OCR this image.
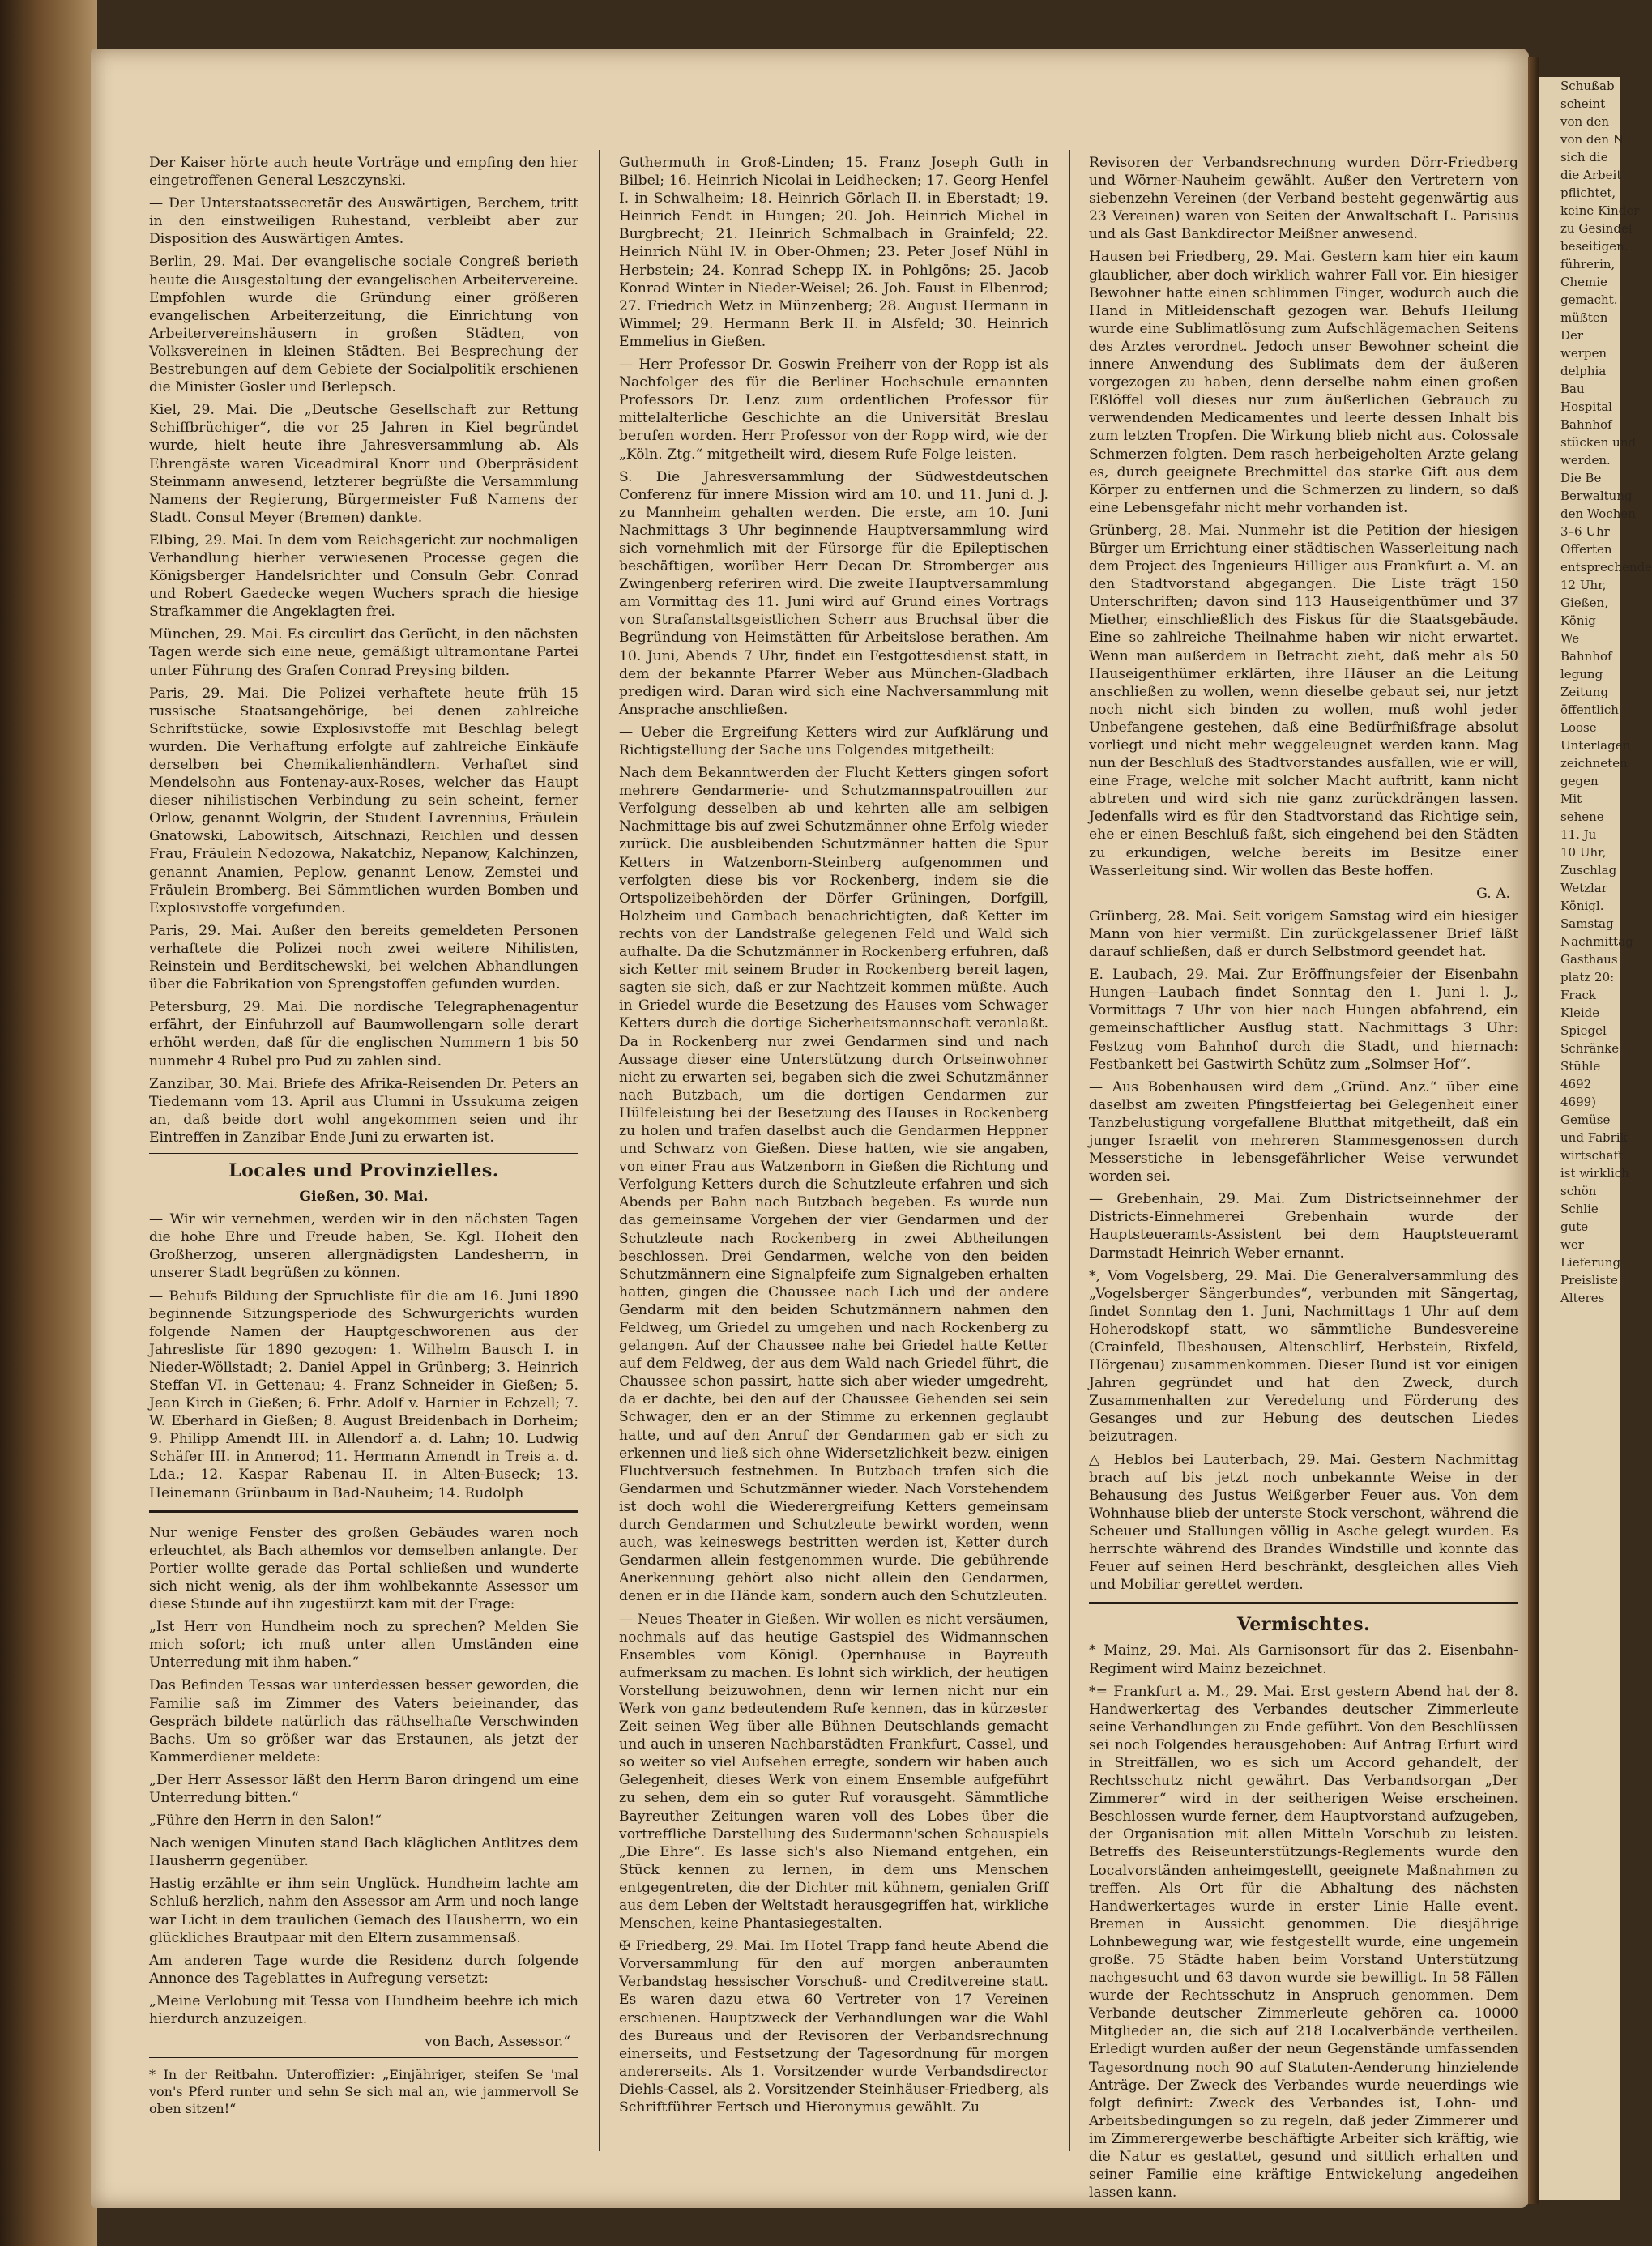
Der Kaiser hörte auch heute Vorträge und empfing den hier eingetroffenen General Leszczynski.

— Der Unterstaatssecretär des Auswärtigen, Berchem, tritt in den einstweiligen Ruhestand, verbleibt aber zur Disposition des Auswärtigen Amtes.

Berlin, 29. Mai. Der evangelische sociale Congreß berieth heute die Ausgestaltung der evangelischen Arbeitervereine. Empfohlen wurde die Gründung einer größeren evangelischen Arbeiterzeitung, die Einrichtung von Arbeitervereinshäusern in großen Städten, von Volksvereinen in kleinen Städten. Bei Besprechung der Bestrebungen auf dem Gebiete der Socialpolitik erschienen die Minister Gosler und Berlepsch.

Kiel, 29. Mai. Die „Deutsche Gesellschaft zur Rettung Schiffbrüchiger“, die vor 25 Jahren in Kiel begründet wurde, hielt heute ihre Jahresversammlung ab. Als Ehrengäste waren Viceadmiral Knorr und Oberpräsident Steinmann anwesend, letzterer begrüßte die Versammlung Namens der Regierung, Bürgermeister Fuß Namens der Stadt. Consul Meyer (Bremen) dankte.

Elbing, 29. Mai. In dem vom Reichsgericht zur nochmaligen Verhandlung hierher verwiesenen Processe gegen die Königsberger Handelsrichter und Consuln Gebr. Conrad und Robert Gaedecke wegen Wuchers sprach die hiesige Strafkammer die Angeklagten frei.

München, 29. Mai. Es circulirt das Gerücht, in den nächsten Tagen werde sich eine neue, gemäßigt ultramontane Partei unter Führung des Grafen Conrad Preysing bilden.

Paris, 29. Mai. Die Polizei verhaftete heute früh 15 russische Staatsangehörige, bei denen zahlreiche Schriftstücke, sowie Explosivstoffe mit Beschlag belegt wurden. Die Verhaftung erfolgte auf zahlreiche Einkäufe derselben bei Chemikalienhändlern. Verhaftet sind Mendelsohn aus Fontenay-aux-Roses, welcher das Haupt dieser nihilistischen Verbindung zu sein scheint, ferner Orlow, genannt Wolgrin, der Student Lavrennius, Fräulein Gnatowski, Labowitsch, Aitschnazi, Reichlen und dessen Frau, Fräulein Nedozowa, Nakatchiz, Nepanow, Kalchinzen, genannt Anamien, Peplow, genannt Lenow, Zemstei und Fräulein Bromberg. Bei Sämmtlichen wurden Bomben und Explosivstoffe vorgefunden.

Paris, 29. Mai. Außer den bereits gemeldeten Personen verhaftete die Polizei noch zwei weitere Nihilisten, Reinstein und Berditschewski, bei welchen Abhandlungen über die Fabrikation von Sprengstoffen gefunden wurden.

Petersburg, 29. Mai. Die nordische Telegraphenagentur erfährt, der Einfuhrzoll auf Baumwollengarn solle derart erhöht werden, daß für die englischen Nummern 1 bis 50 nunmehr 4 Rubel pro Pud zu zahlen sind.

Zanzibar, 30. Mai. Briefe des Afrika-Reisenden Dr. Peters an Tiedemann vom 13. April aus Ulumni in Ussukuma zeigen an, daß beide dort wohl angekommen seien und ihr Eintreffen in Zanzibar Ende Juni zu erwarten ist.

Locales und Provinzielles.
Gießen, 30. Mai.

— Wir wir vernehmen, werden wir in den nächsten Tagen die hohe Ehre und Freude haben, Se. Kgl. Hoheit den Großherzog, unseren allergnädigsten Landesherrn, in unserer Stadt begrüßen zu können.

— Behufs Bildung der Spruchliste für die am 16. Juni 1890 beginnende Sitzungsperiode des Schwurgerichts wurden folgende Namen der Hauptgeschworenen aus der Jahresliste für 1890 gezogen: 1. Wilhelm Bausch I. in Nieder-Wöllstadt; 2. Daniel Appel in Grünberg; 3. Heinrich Steffan VI. in Gettenau; 4. Franz Schneider in Gießen; 5. Jean Kirch in Gießen; 6. Frhr. Adolf v. Harnier in Echzell; 7. W. Eberhard in Gießen; 8. August Breidenbach in Dorheim; 9. Philipp Amendt III. in Allendorf a. d. Lahn; 10. Ludwig Schäfer III. in Annerod; 11. Hermann Amendt in Treis a. d. Lda.; 12. Kaspar Rabenau II. in Alten-Buseck; 13. Heinemann Grünbaum in Bad-Nauheim; 14. Rudolph

Nur wenige Fenster des großen Gebäudes waren noch erleuchtet, als Bach athemlos vor demselben anlangte. Der Portier wollte gerade das Portal schließen und wunderte sich nicht wenig, als der ihm wohlbekannte Assessor um diese Stunde auf ihn zugestürzt kam mit der Frage:

„Ist Herr von Hundheim noch zu sprechen? Melden Sie mich sofort; ich muß unter allen Umständen eine Unterredung mit ihm haben.“

Das Befinden Tessas war unterdessen besser geworden, die Familie saß im Zimmer des Vaters beieinander, das Gespräch bildete natürlich das räthselhafte Verschwinden Bachs. Um so größer war das Erstaunen, als jetzt der Kammerdiener meldete:

„Der Herr Assessor läßt den Herrn Baron dringend um eine Unterredung bitten.“

„Führe den Herrn in den Salon!“

Nach wenigen Minuten stand Bach kläglichen Antlitzes dem Hausherrn gegenüber.

Hastig erzählte er ihm sein Unglück. Hundheim lachte am Schluß herzlich, nahm den Assessor am Arm und noch lange war Licht in dem traulichen Gemach des Hausherrn, wo ein glückliches Brautpaar mit den Eltern zusammensaß.

Am anderen Tage wurde die Residenz durch folgende Annonce des Tageblattes in Aufregung versetzt:

„Meine Verlobung mit Tessa von Hundheim beehre ich mich hierdurch anzuzeigen.

von Bach, Assessor.“

* In der Reitbahn. Unteroffizier: „Einjähriger, steifen Se 'mal von's Pferd runter und sehn Se sich mal an, wie jammervoll Se oben sitzen!“

Guthermuth in Groß-Linden; 15. Franz Joseph Guth in Bilbel; 16. Heinrich Nicolai in Leidhecken; 17. Georg Henfel I. in Schwalheim; 18. Heinrich Görlach II. in Eberstadt; 19. Heinrich Fendt in Hungen; 20. Joh. Heinrich Michel in Burgbrecht; 21. Heinrich Schmalbach in Grainfeld; 22. Heinrich Nühl IV. in Ober-Ohmen; 23. Peter Josef Nühl in Herbstein; 24. Konrad Schepp IX. in Pohlgöns; 25. Jacob Konrad Winter in Nieder-Weisel; 26. Joh. Faust in Elbenrod; 27. Friedrich Wetz in Münzenberg; 28. August Hermann in Wimmel; 29. Hermann Berk II. in Alsfeld; 30. Heinrich Emmelius in Gießen.

— Herr Professor Dr. Goswin Freiherr von der Ropp ist als Nachfolger des für die Berliner Hochschule ernannten Professors Dr. Lenz zum ordentlichen Professor für mittelalterliche Geschichte an die Universität Breslau berufen worden. Herr Professor von der Ropp wird, wie der „Köln. Ztg.“ mitgetheilt wird, diesem Rufe Folge leisten.

S. Die Jahresversammlung der Südwestdeutschen Conferenz für innere Mission wird am 10. und 11. Juni d. J. zu Mannheim gehalten werden. Die erste, am 10. Juni Nachmittags 3 Uhr beginnende Hauptversammlung wird sich vornehmlich mit der Fürsorge für die Epileptischen beschäftigen, worüber Herr Decan Dr. Stromberger aus Zwingenberg referiren wird. Die zweite Hauptversammlung am Vormittag des 11. Juni wird auf Grund eines Vortrags von Strafanstaltsgeistlichen Scherr aus Bruchsal über die Begründung von Heimstätten für Arbeitslose berathen. Am 10. Juni, Abends 7 Uhr, findet ein Festgottesdienst statt, in dem der bekannte Pfarrer Weber aus München-Gladbach predigen wird. Daran wird sich eine Nachversammlung mit Ansprache anschließen.

— Ueber die Ergreifung Ketters wird zur Aufklärung und Richtigstellung der Sache uns Folgendes mitgetheilt:

Nach dem Bekanntwerden der Flucht Ketters gingen sofort mehrere Gendarmerie- und Schutzmannspatrouillen zur Verfolgung desselben ab und kehrten alle am selbigen Nachmittage bis auf zwei Schutzmänner ohne Erfolg wieder zurück. Die ausbleibenden Schutzmänner hatten die Spur Ketters in Watzenborn-Steinberg aufgenommen und verfolgten diese bis vor Rockenberg, indem sie die Ortspolizeibehörden der Dörfer Grüningen, Dorfgill, Holzheim und Gambach benachrichtigten, daß Ketter im rechts von der Landstraße gelegenen Feld und Wald sich aufhalte. Da die Schutzmänner in Rockenberg erfuhren, daß sich Ketter mit seinem Bruder in Rockenberg bereit lagen, sagten sie sich, daß er zur Nachtzeit kommen müßte. Auch in Griedel wurde die Besetzung des Hauses vom Schwager Ketters durch die dortige Sicherheitsmannschaft veranlaßt. Da in Rockenberg nur zwei Gendarmen sind und nach Aussage dieser eine Unterstützung durch Ortseinwohner nicht zu erwarten sei, begaben sich die zwei Schutzmänner nach Butzbach, um die dortigen Gendarmen zur Hülfeleistung bei der Besetzung des Hauses in Rockenberg zu holen und trafen daselbst auch die Gendarmen Heppner und Schwarz von Gießen. Diese hatten, wie sie angaben, von einer Frau aus Watzenborn in Gießen die Richtung und Verfolgung Ketters durch die Schutzleute erfahren und sich Abends per Bahn nach Butzbach begeben. Es wurde nun das gemeinsame Vorgehen der vier Gendarmen und der Schutzleute nach Rockenberg in zwei Abtheilungen beschlossen. Drei Gendarmen, welche von den beiden Schutzmännern eine Signalpfeife zum Signalgeben erhalten hatten, gingen die Chaussee nach Lich und der andere Gendarm mit den beiden Schutzmännern nahmen den Feldweg, um Griedel zu umgehen und nach Rockenberg zu gelangen. Auf der Chaussee nahe bei Griedel hatte Ketter auf dem Feldweg, der aus dem Wald nach Griedel führt, die Chaussee schon passirt, hatte sich aber wieder umgedreht, da er dachte, bei den auf der Chaussee Gehenden sei sein Schwager, den er an der Stimme zu erkennen geglaubt hatte, und auf den Anruf der Gendarmen gab er sich zu erkennen und ließ sich ohne Widersetzlichkeit bezw. einigen Fluchtversuch festnehmen. In Butzbach trafen sich die Gendarmen und Schutzmänner wieder. Nach Vorstehendem ist doch wohl die Wiederergreifung Ketters gemeinsam durch Gendarmen und Schutzleute bewirkt worden, wenn auch, was keineswegs bestritten werden ist, Ketter durch Gendarmen allein festgenommen wurde. Die gebührende Anerkennung gehört also nicht allein den Gendarmen, denen er in die Hände kam, sondern auch den Schutzleuten.

— Neues Theater in Gießen. Wir wollen es nicht versäumen, nochmals auf das heutige Gastspiel des Widmannschen Ensembles vom Königl. Opernhause in Bayreuth aufmerksam zu machen. Es lohnt sich wirklich, der heutigen Vorstellung beizuwohnen, denn wir lernen nicht nur ein Werk von ganz bedeutendem Rufe kennen, das in kürzester Zeit seinen Weg über alle Bühnen Deutschlands gemacht und auch in unseren Nachbarstädten Frankfurt, Cassel, und so weiter so viel Aufsehen erregte, sondern wir haben auch Gelegenheit, dieses Werk von einem Ensemble aufgeführt zu sehen, dem ein so guter Ruf vorausgeht. Sämmtliche Bayreuther Zeitungen waren voll des Lobes über die vortreffliche Darstellung des Sudermann'schen Schauspiels „Die Ehre“. Es lasse sich's also Niemand entgehen, ein Stück kennen zu lernen, in dem uns Menschen entgegentreten, die der Dichter mit kühnem, genialen Griff aus dem Leben der Weltstadt herausgegriffen hat, wirkliche Menschen, keine Phantasiegestalten.

✠ Friedberg, 29. Mai. Im Hotel Trapp fand heute Abend die Vorversammlung für den auf morgen anberaumten Verbandstag hessischer Vorschuß- und Creditvereine statt. Es waren dazu etwa 60 Vertreter von 17 Vereinen erschienen. Hauptzweck der Verhandlungen war die Wahl des Bureaus und der Revisoren der Verbandsrechnung einerseits, und Festsetzung der Tagesordnung für morgen andererseits. Als 1. Vorsitzender wurde Verbandsdirector Diehls-Cassel, als 2. Vorsitzender Steinhäuser-Friedberg, als Schriftführer Fertsch und Hieronymus gewählt. Zu

Revisoren der Verbandsrechnung wurden Dörr-Friedberg und Wörner-Nauheim gewählt. Außer den Vertretern von siebenzehn Vereinen (der Verband besteht gegenwärtig aus 23 Vereinen) waren von Seiten der Anwaltschaft L. Parisius und als Gast Bankdirector Meißner anwesend.

Hausen bei Friedberg, 29. Mai. Gestern kam hier ein kaum glaublicher, aber doch wirklich wahrer Fall vor. Ein hiesiger Bewohner hatte einen schlimmen Finger, wodurch auch die Hand in Mitleidenschaft gezogen war. Behufs Heilung wurde eine Sublimatlösung zum Aufschlägemachen Seitens des Arztes verordnet. Jedoch unser Bewohner scheint die innere Anwendung des Sublimats dem der äußeren vorgezogen zu haben, denn derselbe nahm einen großen Eßlöffel voll dieses nur zum äußerlichen Gebrauch zu verwendenden Medicamentes und leerte dessen Inhalt bis zum letzten Tropfen. Die Wirkung blieb nicht aus. Colossale Schmerzen folgten. Dem rasch herbeigeholten Arzte gelang es, durch geeignete Brechmittel das starke Gift aus dem Körper zu entfernen und die Schmerzen zu lindern, so daß eine Lebensgefahr nicht mehr vorhanden ist.

Grünberg, 28. Mai. Nunmehr ist die Petition der hiesigen Bürger um Errichtung einer städtischen Wasserleitung nach dem Project des Ingenieurs Hilliger aus Frankfurt a. M. an den Stadtvorstand abgegangen. Die Liste trägt 150 Unterschriften; davon sind 113 Hauseigenthümer und 37 Miether, einschließlich des Fiskus für die Staatsgebäude. Eine so zahlreiche Theilnahme haben wir nicht erwartet. Wenn man außerdem in Betracht zieht, daß mehr als 50 Hauseigenthümer erklärten, ihre Häuser an die Leitung anschließen zu wollen, wenn dieselbe gebaut sei, nur jetzt noch nicht sich binden zu wollen, muß wohl jeder Unbefangene gestehen, daß eine Bedürfnißfrage absolut vorliegt und nicht mehr weggeleugnet werden kann. Mag nun der Beschluß des Stadtvorstandes ausfallen, wie er will, eine Frage, welche mit solcher Macht auftritt, kann nicht abtreten und wird sich nie ganz zurückdrängen lassen. Jedenfalls wird es für den Stadtvorstand das Richtige sein, ehe er einen Beschluß faßt, sich eingehend bei den Städten zu erkundigen, welche bereits im Besitze einer Wasserleitung sind. Wir wollen das Beste hoffen.

G. A.

Grünberg, 28. Mai. Seit vorigem Samstag wird ein hiesiger Mann von hier vermißt. Ein zurückgelassener Brief läßt darauf schließen, daß er durch Selbstmord geendet hat.

E. Laubach, 29. Mai. Zur Eröffnungsfeier der Eisenbahn Hungen—Laubach findet Sonntag den 1. Juni l. J., Vormittags 7 Uhr von hier nach Hungen abfahrend, ein gemeinschaftlicher Ausflug statt. Nachmittags 3 Uhr: Festzug vom Bahnhof durch die Stadt, und hiernach: Festbankett bei Gastwirth Schütz zum „Solmser Hof“.

— Aus Bobenhausen wird dem „Gründ. Anz.“ über eine daselbst am zweiten Pfingstfeiertag bei Gelegenheit einer Tanzbelustigung vorgefallene Blutthat mitgetheilt, daß ein junger Israelit von mehreren Stammesgenossen durch Messerstiche in lebensgefährlicher Weise verwundet worden sei.

— Grebenhain, 29. Mai. Zum Districtseinnehmer der Districts-Einnehmerei Grebenhain wurde der Hauptsteueramts-Assistent bei dem Hauptsteueramt Darmstadt Heinrich Weber ernannt.

*, Vom Vogelsberg, 29. Mai. Die Generalversammlung des „Vogelsberger Sängerbundes“, verbunden mit Sängertag, findet Sonntag den 1. Juni, Nachmittags 1 Uhr auf dem Hoherodskopf statt, wo sämmtliche Bundesvereine (Crainfeld, Ilbeshausen, Altenschlirf, Herbstein, Rixfeld, Hörgenau) zusammenkommen. Dieser Bund ist vor einigen Jahren gegründet und hat den Zweck, durch Zusammenhalten zur Veredelung und Förderung des Gesanges und zur Hebung des deutschen Liedes beizutragen.

△ Heblos bei Lauterbach, 29. Mai. Gestern Nachmittag brach auf bis jetzt noch unbekannte Weise in der Behausung des Justus Weißgerber Feuer aus. Von dem Wohnhause blieb der unterste Stock verschont, während die Scheuer und Stallungen völlig in Asche gelegt wurden. Es herrschte während des Brandes Windstille und konnte das Feuer auf seinen Herd beschränkt, desgleichen alles Vieh und Mobiliar gerettet werden.

Vermischtes.

* Mainz, 29. Mai. Als Garnisonsort für das 2. Eisenbahn-Regiment wird Mainz bezeichnet.

*= Frankfurt a. M., 29. Mai. Erst gestern Abend hat der 8. Handwerkertag des Verbandes deutscher Zimmerleute seine Verhandlungen zu Ende geführt. Von den Beschlüssen sei noch Folgendes herausgehoben: Auf Antrag Erfurt wird in Streitfällen, wo es sich um Accord gehandelt, der Rechtsschutz nicht gewährt. Das Verbandsorgan „Der Zimmerer“ wird in der seitherigen Weise erscheinen. Beschlossen wurde ferner, dem Hauptvorstand aufzugeben, der Organisation mit allen Mitteln Vorschub zu leisten. Betreffs des Reiseunterstützungs-Reglements wurde den Localvorständen anheimgestellt, geeignete Maßnahmen zu treffen. Als Ort für die Abhaltung des nächsten Handwerkertages wurde in erster Linie Halle event. Bremen in Aussicht genommen. Die diesjährige Lohnbewegung war, wie festgestellt wurde, eine ungemein große. 75 Städte haben beim Vorstand Unterstützung nachgesucht und 63 davon wurde sie bewilligt. In 58 Fällen wurde der Rechtsschutz in Anspruch genommen. Dem Verbande deutscher Zimmerleute gehören ca. 10000 Mitglieder an, die sich auf 218 Localverbände vertheilen. Erledigt wurden außer der neun Gegenstände umfassenden Tagesordnung noch 90 auf Statuten-Aenderung hinzielende Anträge. Der Zweck des Verbandes wurde neuerdings wie folgt definirt: Zweck des Verbandes ist, Lohn- und Arbeitsbedingungen so zu regeln, daß jeder Zimmerer und im Zimmerergewerbe beschäftigte Arbeiter sich kräftig, wie die Natur es gestattet, gesund und sittlich erhalten und seiner Familie eine kräftige Entwickelung angedeihen lassen kann.

Schußab
scheint
von den
von den N
sich die
die Arbeit
pflichtet,
keine Kinder
zu Gesindel
beseitigen.
führerin,
Chemie
gemacht.
müßten
Der
werpen
delphia
Bau
Hospital
Bahnhof
stücken und
werden.
Die Be
Berwaltung
den Wochen
3–6 Uhr
Offerten
entsprechende
12 Uhr,
Gießen,
König
We
Bahnhof
legung
Zeitung
öffentlich
Loose
Unterlagen
zeichneten
gegen
Mit
sehene
11. Ju
10 Uhr,
Zuschlag
Wetzlar
Königl.
Samstag
Nachmittag
Gasthaus
platz 20:
Frack
Kleide
Spiegel
Schränke
Stühle
4692
4699)
Gemüse
und Fabrik
wirtschaft
ist wirklich
schön
Schlie
gute
wer
Lieferung
Preisliste
Alteres
